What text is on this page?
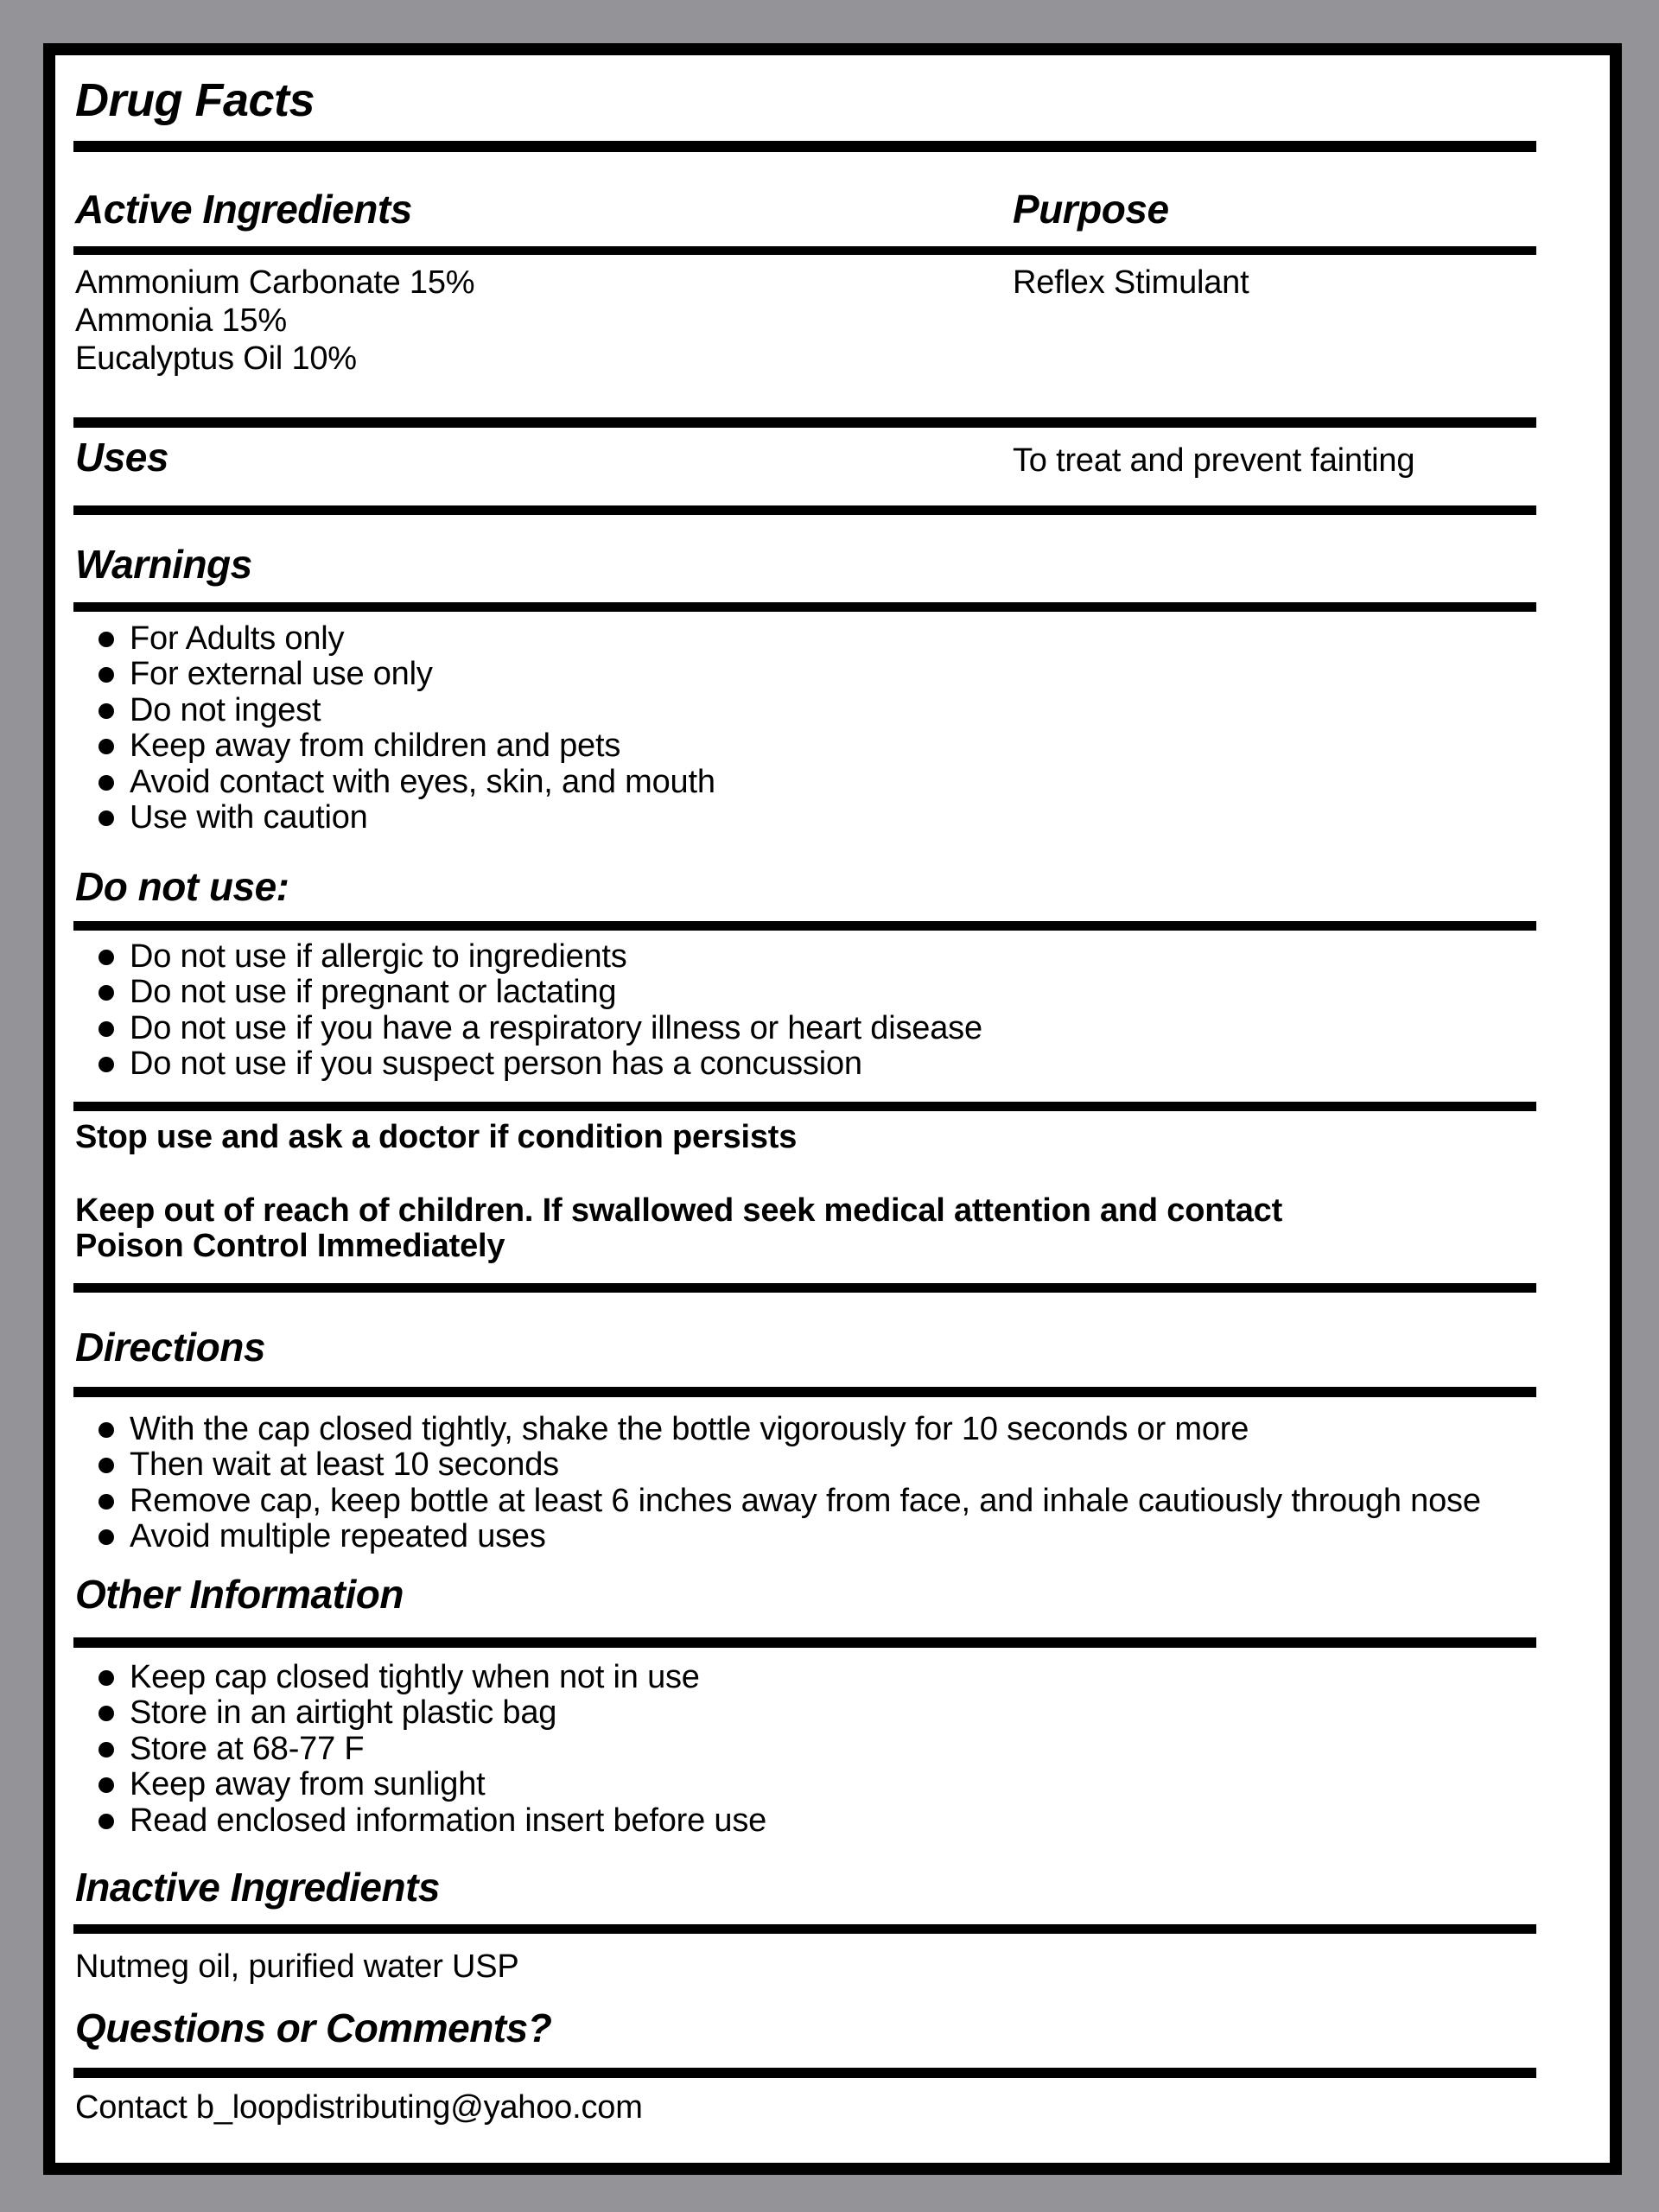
Drug Facts
Active Ingredients	Purpose
Ammonium Carbonate 15%
Ammonia 15%
Eucalyptus Oil 10%
Reflex Stimulant
Uses	To treat and prevent fainting
Warnings
For Adults only
For external use only
Do not ingest
Keep away from children and pets
Avoid contact with eyes, skin, and mouth
Use with caution
Do not use:
Do not use if allergic to ingredients
Do not use if pregnant or lactating
Do not use if you have a respiratory illness or heart disease
Do not use if you suspect person has a concussion
Stop use and ask a doctor if condition persists
Keep out of reach of children. If swallowed seek medical attention and contact
Poison Control Immediately
Directions
With the cap closed tightly, shake the bottle vigorously for 10 seconds or more
Then wait at least 10 seconds
Remove cap, keep bottle at least 6 inches away from face, and inhale cautiously through nose
Avoid multiple repeated uses
Other Information
Keep cap closed tightly when not in use
Store in an airtight plastic bag
Store at 68-77 F
Keep away from sunlight
Read enclosed information insert before use
Inactive Ingredients
Nutmeg oil, purified water USP
Questions or Comments?
Contact b_loopdistributing@yahoo.com
